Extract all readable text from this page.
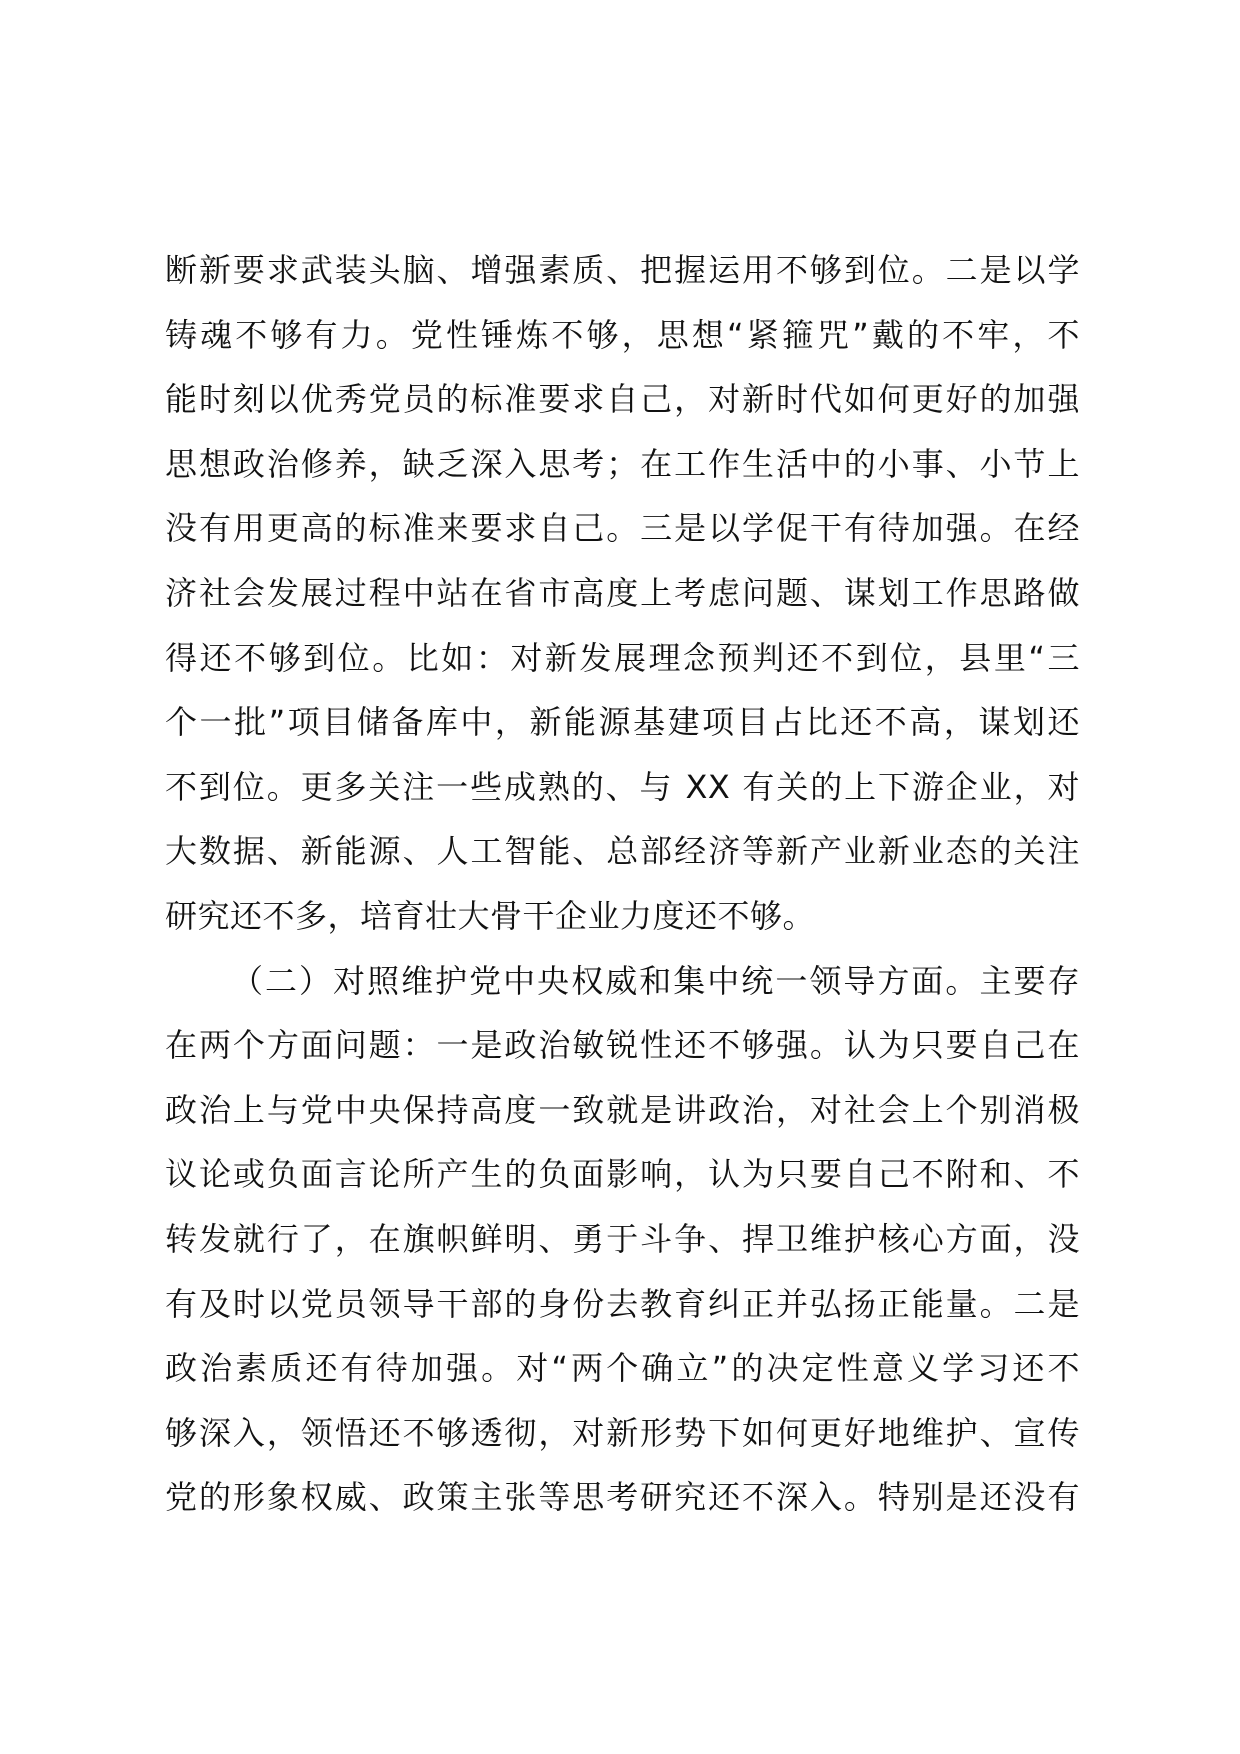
断新要求武装头脑、增强素质、把握运用不够到位。二是以学
铸魂不够有力。党性锤炼不够，思想“紧箍咒”戴的不牢，不
能时刻以优秀党员的标准要求自己，对新时代如何更好的加强
思想政治修养，缺乏深入思考；在工作生活中的小事、小节上
没有用更高的标准来要求自己。三是以学促干有待加强。在经
济社会发展过程中站在省市高度上考虑问题、谋划工作思路做
得还不够到位。比如：对新发展理念预判还不到位，县里“三
个一批”项目储备库中，新能源基建项目占比还不高，谋划还
不到位。更多关注一些成熟的、与 XX 有关的上下游企业，对
大数据、新能源、人工智能、总部经济等新产业新业态的关注
研究还不多，培育壮大骨干企业力度还不够。
（二）对照维护党中央权威和集中统一领导方面。主要存
在两个方面问题：一是政治敏锐性还不够强。认为只要自己在
政治上与党中央保持高度一致就是讲政治，对社会上个别消极
议论或负面言论所产生的负面影响，认为只要自己不附和、不
转发就行了，在旗帜鲜明、勇于斗争、捍卫维护核心方面，没
有及时以党员领导干部的身份去教育纠正并弘扬正能量。二是
政治素质还有待加强。对“两个确立”的决定性意义学习还不
够深入，领悟还不够透彻，对新形势下如何更好地维护、宣传
党的形象权威、政策主张等思考研究还不深入。特别是还没有
